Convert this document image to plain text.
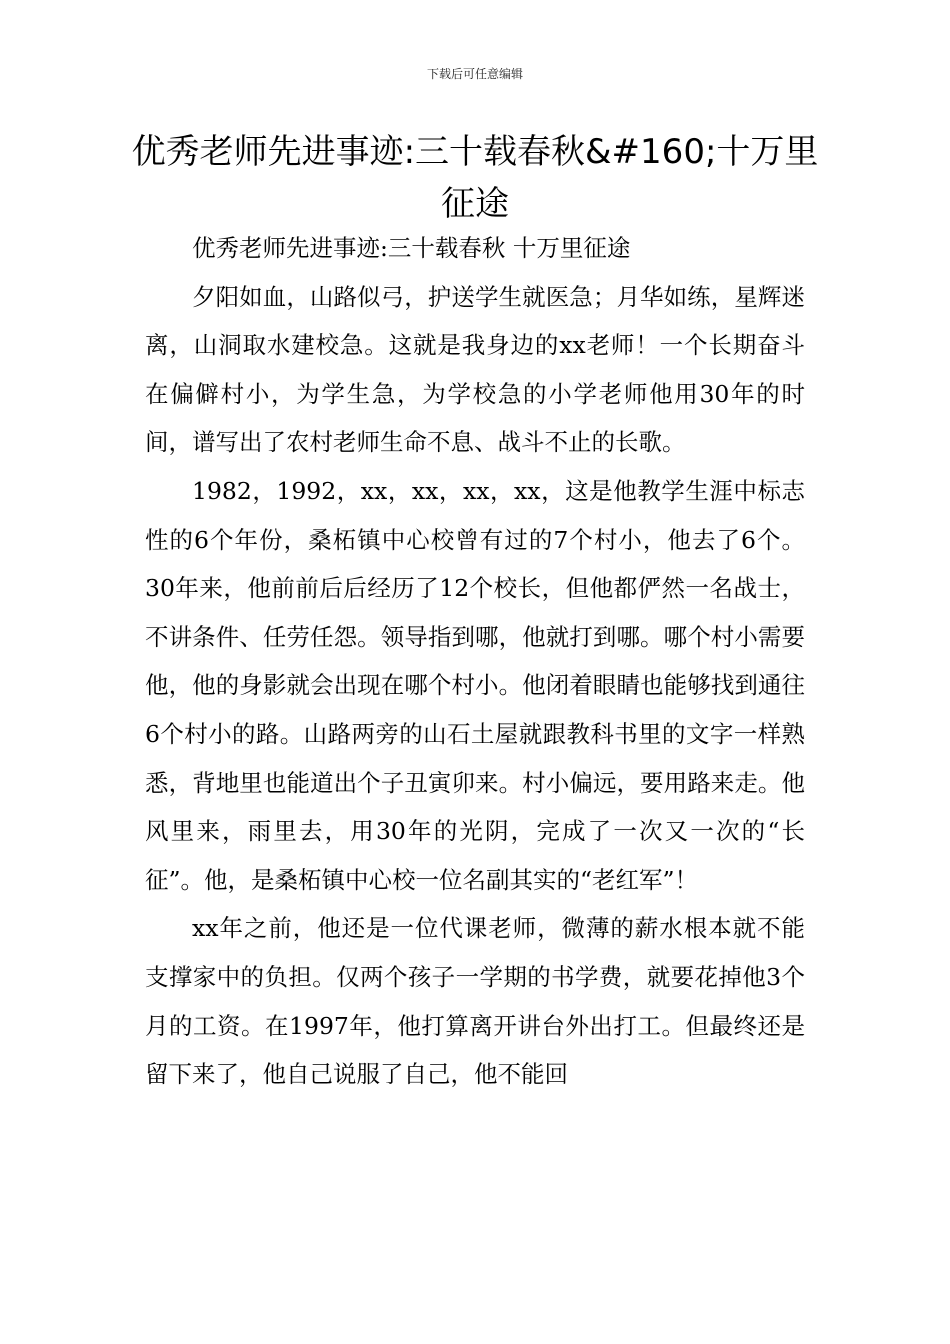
下载后可任意编辑
优秀老师先进事迹:三十载春秋&#160;十万里征途

优秀老师先进事迹:三十载春秋 十万里征途

夕阳如血，山路似弓，护送学生就医急；月华如练，星辉迷离，山洞取水建校急。这就是我身边的xx老师！一个长期奋斗在偏僻村小，为学生急，为学校急的小学老师他用30年的时间，谱写出了农村老师生命不息、战斗不止的长歌。

1982，1992，xx，xx，xx，xx，这是他教学生涯中标志性的6个年份，桑柘镇中心校曾有过的7个村小，他去了6个。30年来，他前前后后经历了12个校长，但他都俨然一名战士，不讲条件、任劳任怨。领导指到哪，他就打到哪。哪个村小需要他，他的身影就会出现在哪个村小。他闭着眼睛也能够找到通往6个村小的路。山路两旁的山石土屋就跟教科书里的文字一样熟悉，背地里也能道出个子丑寅卯来。村小偏远，要用路来走。他风里来，雨里去，用30年的光阴，完成了一次又一次的“长征”。他，是桑柘镇中心校一位名副其实的“老红军”！

xx年之前，他还是一位代课老师，微薄的薪水根本就不能支撑家中的负担。仅两个孩子一学期的书学费，就要花掉他3个月的工资。在1997年，他打算离开讲台外出打工。但最终还是留下来了，他自己说服了自己，他不能回
